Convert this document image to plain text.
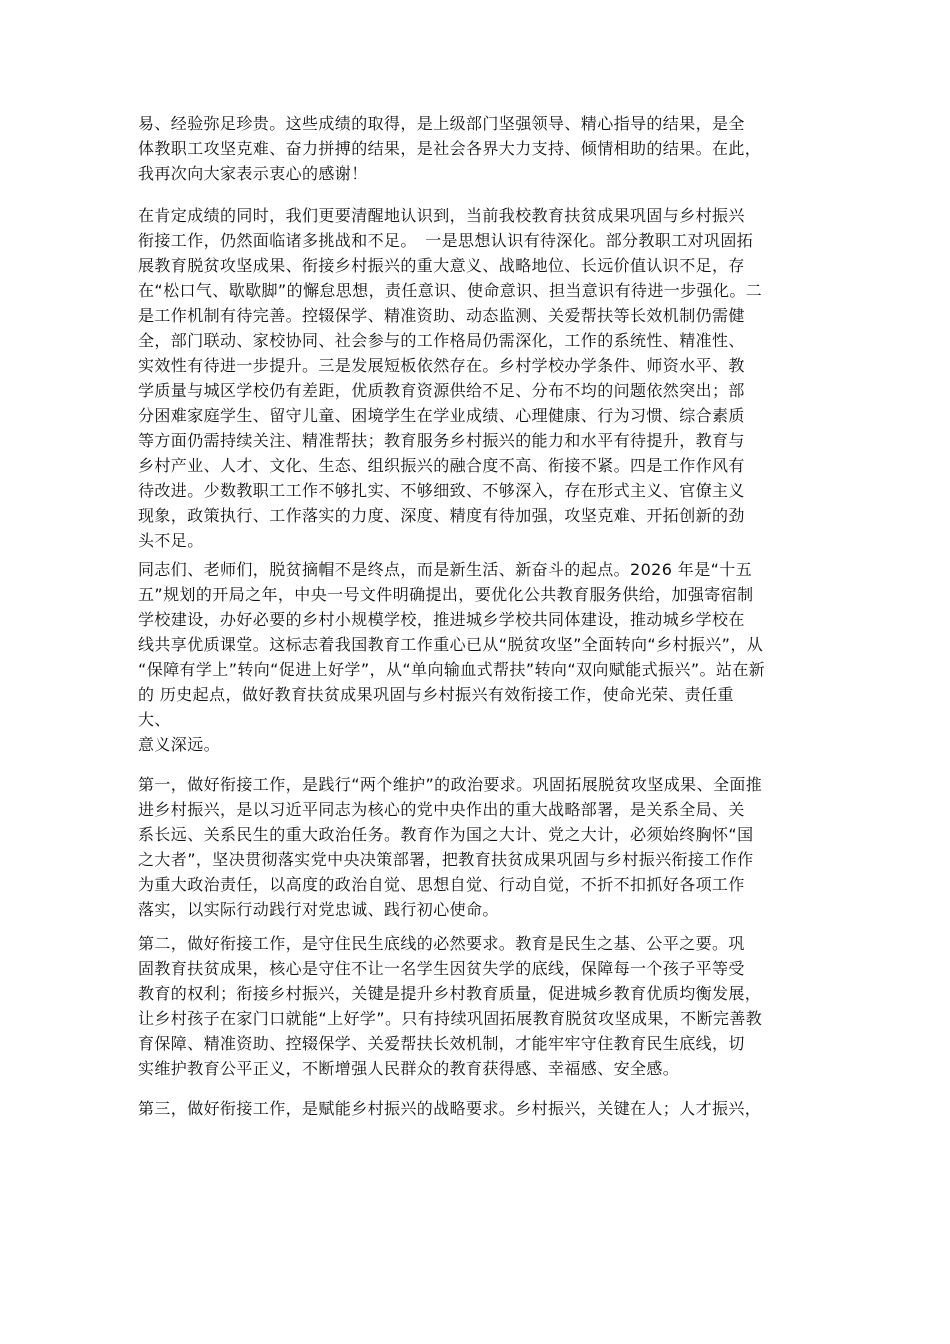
易、经验弥足珍贵。这些成绩的取得，是上级部门坚强领导、精心指导的结果，是全
体教职工攻坚克难、奋力拼搏的结果，是社会各界大力支持、倾情相助的结果。在此，
我再次向大家表示衷心的感谢！
在肯定成绩的同时，我们更要清醒地认识到，当前我校教育扶贫成果巩固与乡村振兴
衔接工作，仍然面临诸多挑战和不足。　一是思想认识有待深化。部分教职工对巩固拓
展教育脱贫攻坚成果、衔接乡村振兴的重大意义、战略地位、长远价值认识不足，存
在“松口气、歇歇脚”的懈怠思想，责任意识、使命意识、担当意识有待进一步强化。二
是工作机制有待完善。控辍保学、精准资助、动态监测、关爱帮扶等长效机制仍需健
全，部门联动、家校协同、社会参与的工作格局仍需深化，工作的系统性、精准性、
实效性有待进一步提升。三是发展短板依然存在。乡村学校办学条件、师资水平、教
学质量与城区学校仍有差距，优质教育资源供给不足、分布不均的问题依然突出；部
分困难家庭学生、留守儿童、困境学生在学业成绩、心理健康、行为习惯、综合素质
等方面仍需持续关注、精准帮扶；教育服务乡村振兴的能力和水平有待提升，教育与
乡村产业、人才、文化、生态、组织振兴的融合度不高、衔接不紧。四是工作作风有
待改进。少数教职工工作不够扎实、不够细致、不够深入，存在形式主义、官僚主义
现象，政策执行、工作落实的力度、深度、精度有待加强，攻坚克难、开拓创新的劲
头不足。
同志们、老师们，脱贫摘帽不是终点，而是新生活、新奋斗的起点。2026 年是“十五
五”规划的开局之年，中央一号文件明确提出，要优化公共教育服务供给，加强寄宿制
学校建设，办好必要的乡村小规模学校，推进城乡学校共同体建设，推动城乡学校在
线共享优质课堂。这标志着我国教育工作重心已从“脱贫攻坚”全面转向“乡村振兴”，从
“保障有学上”转向“促进上好学”，从“单向输血式帮扶”转向“双向赋能式振兴”。站在新
的 历史起点，做好教育扶贫成果巩固与乡村振兴有效衔接工作，使命光荣、责任重
大、
意义深远。
第一，做好衔接工作，是践行“两个维护”的政治要求。巩固拓展脱贫攻坚成果、全面推
进乡村振兴，是以习近平同志为核心的党中央作出的重大战略部署，是关系全局、关
系长远、关系民生的重大政治任务。教育作为国之大计、党之大计，必须始终胸怀“国
之大者”，坚决贯彻落实党中央决策部署，把教育扶贫成果巩固与乡村振兴衔接工作作
为重大政治责任，以高度的政治自觉、思想自觉、行动自觉，不折不扣抓好各项工作
落实，以实际行动践行对党忠诚、践行初心使命。
第二，做好衔接工作，是守住民生底线的必然要求。教育是民生之基、公平之要。巩
固教育扶贫成果，核心是守住不让一名学生因贫失学的底线，保障每一个孩子平等受
教育的权利；衔接乡村振兴，关键是提升乡村教育质量，促进城乡教育优质均衡发展，
让乡村孩子在家门口就能“上好学”。只有持续巩固拓展教育脱贫攻坚成果，不断完善教
育保障、精准资助、控辍保学、关爱帮扶长效机制，才能牢牢守住教育民生底线，切
实维护教育公平正义，不断增强人民群众的教育获得感、幸福感、安全感。
第三，做好衔接工作，是赋能乡村振兴的战略要求。乡村振兴，关键在人；人才振兴，
